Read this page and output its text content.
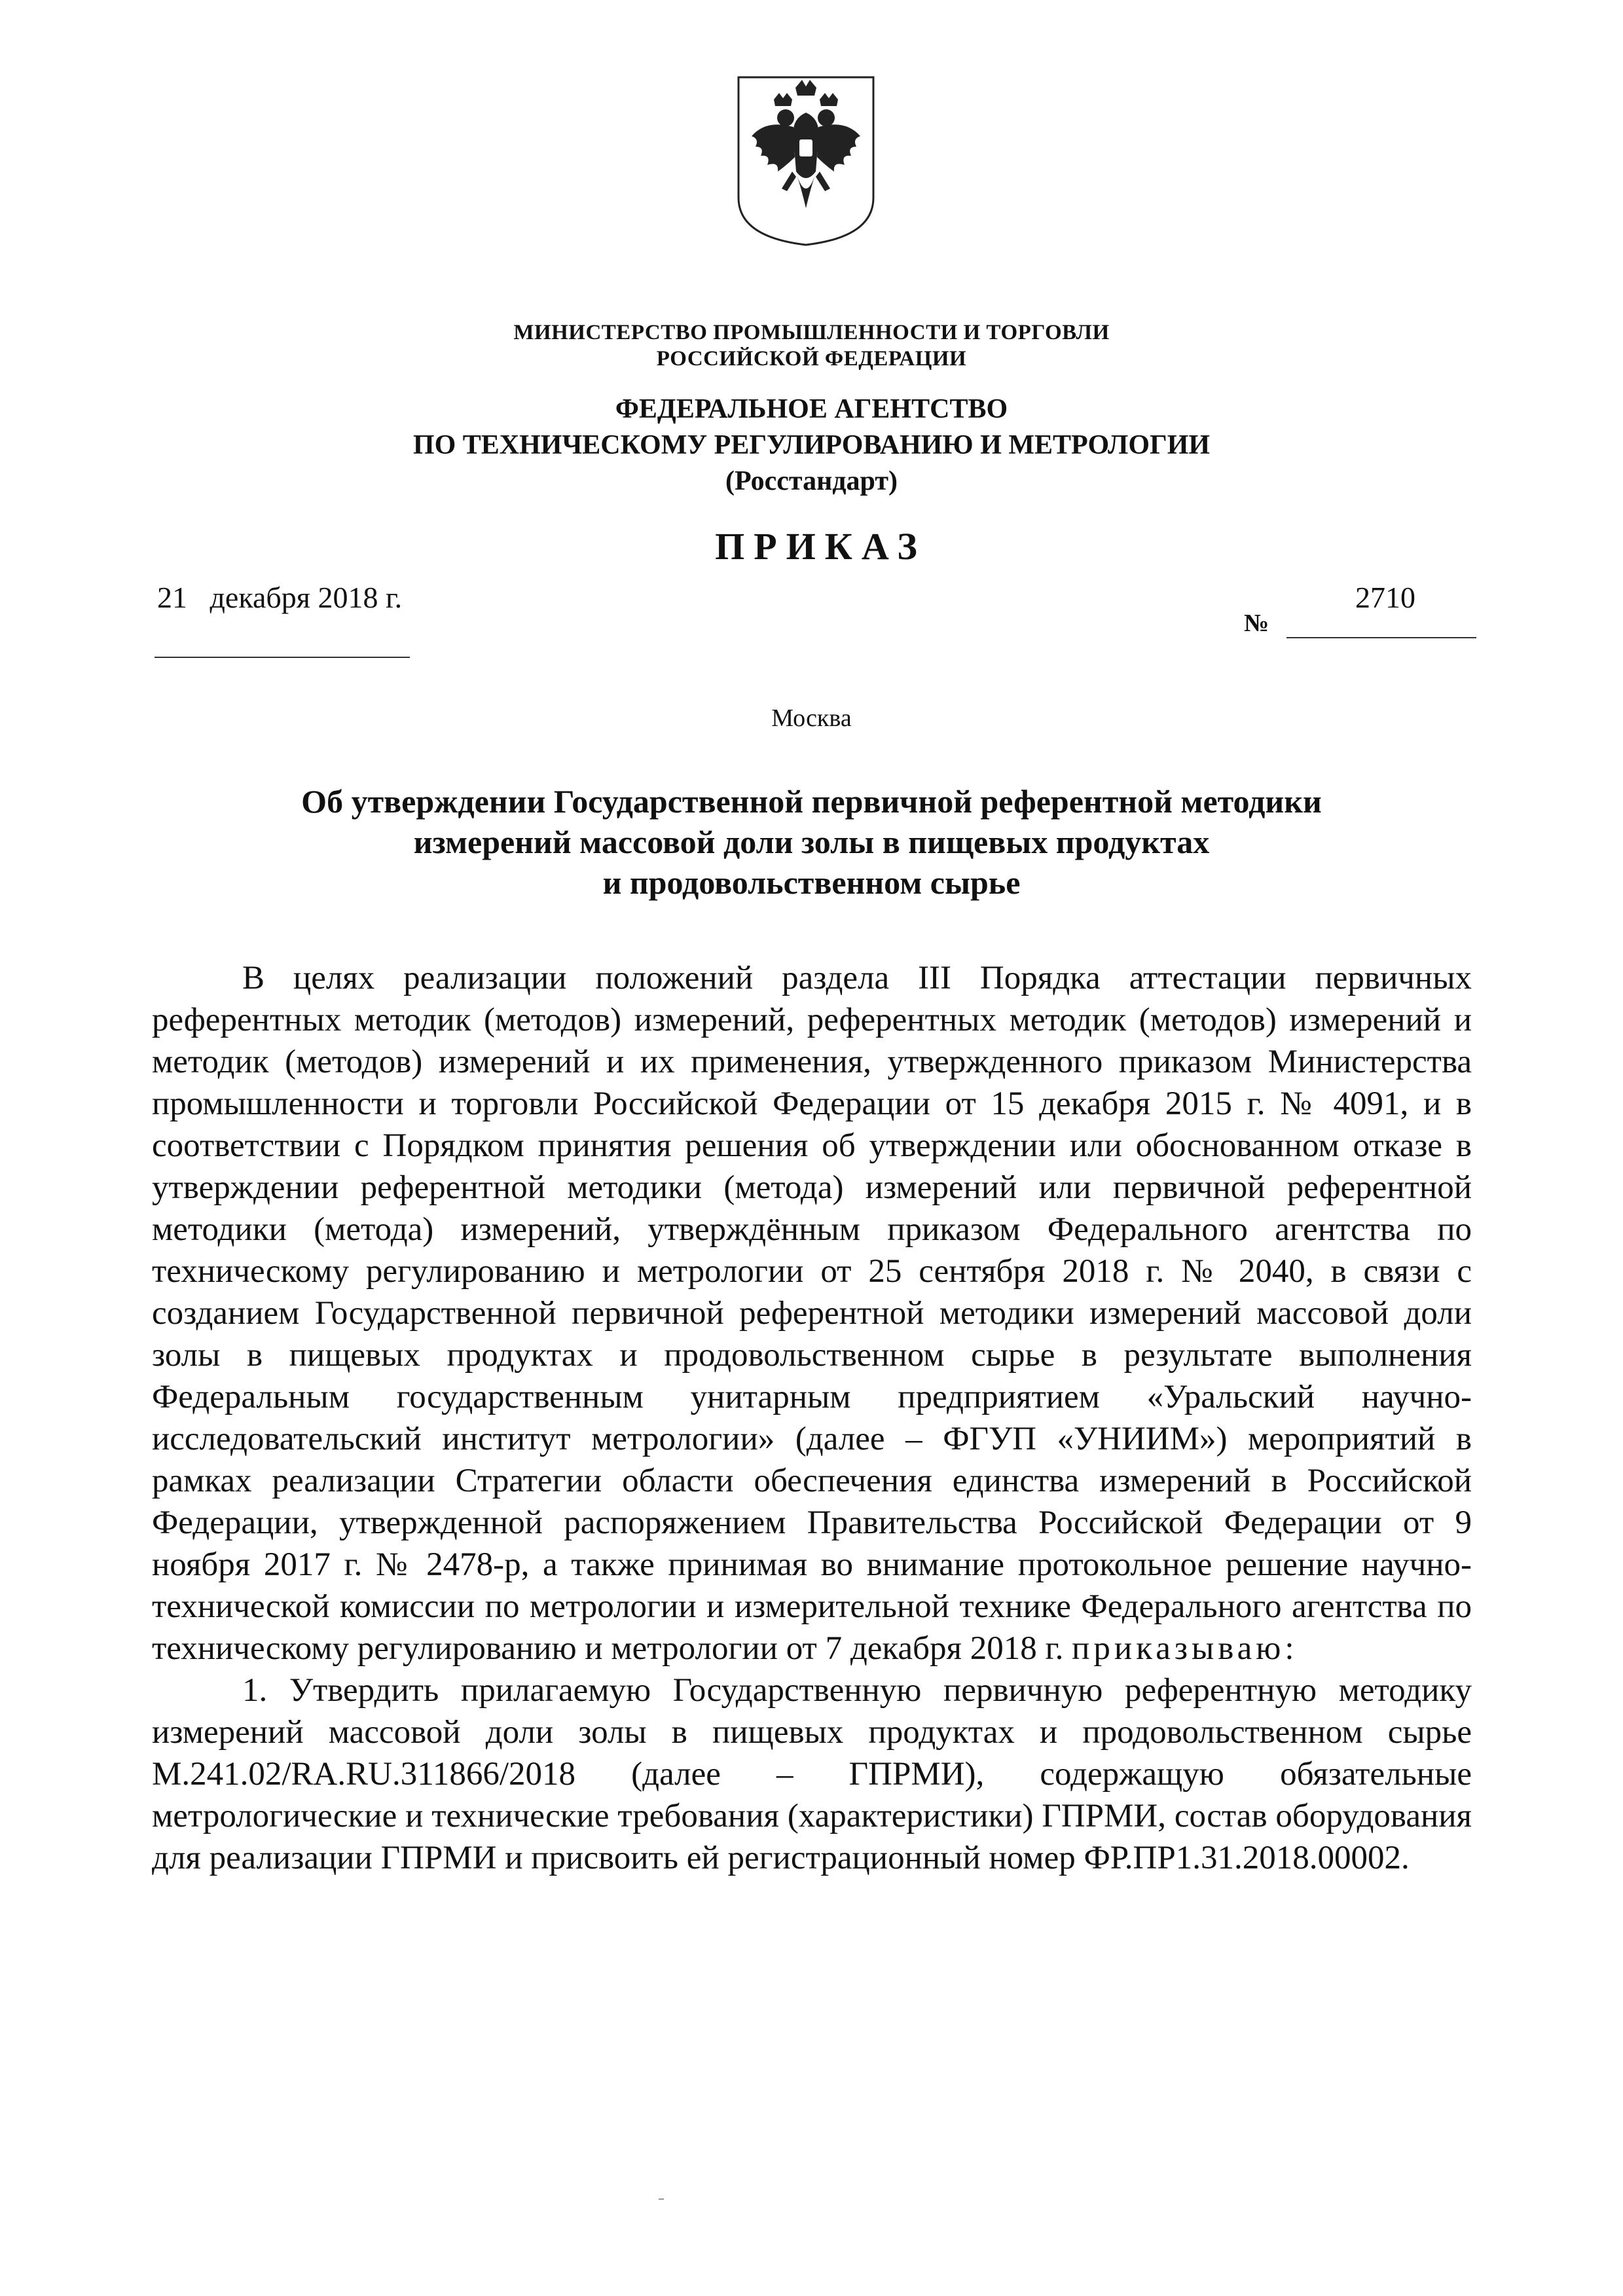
МИНИСТЕРСТВО ПРОМЫШЛЕННОСТИ И ТОРГОВЛИ
РОССИЙСКОЙ ФЕДЕРАЦИИ
ФЕДЕРАЛЬНОЕ АГЕНТСТВО
ПО ТЕХНИЧЕСКОМУ РЕГУЛИРОВАНИЮ И МЕТРОЛОГИИ
(Росстандарт)
ПРИКАЗ
21   декабря 2018 г.
№
2710
Москва
Об утверждении Государственной первичной референтной методики
измерений массовой доли золы в пищевых продуктах
и продовольственном сырье

В целях реализации положений раздела III Порядка аттестации первичных референтных методик (методов) измерений, референтных методик (методов) измерений и методик (методов) измерений и их применения, утвержденного приказом Министерства промышленности и торговли Российской Федерации от 15 декабря 2015 г. № 4091, и в соответствии с Порядком принятия решения об утверждении или обоснованном отказе в утверждении референтной методики (метода) измерений или первичной референтной методики (метода) измерений, утверждённым приказом Федерального агентства по техническому регулированию и метрологии от 25 сентября 2018 г. № 2040, в связи с созданием Государственной первичной референтной методики измерений массовой доли золы в пищевых продуктах и продовольственном сырье в результате выполнения Федеральным государственным унитарным предприятием «Уральский научно-исследовательский институт метрологии» (далее – ФГУП «УНИИМ») мероприятий в рамках реализации Стратегии области обеспечения единства измерений в Российской Федерации, утвержденной распоряжением Правительства Российской Федерации от 9 ноября 2017 г. № 2478-р, а также принимая во внимание протокольное решение научно-технической комиссии по метрологии и измерительной технике Федерального агентства по техническому регулированию и метрологии от 7 декабря 2018 г. приказываю:

1. Утвердить прилагаемую Государственную первичную референтную методику измерений массовой доли золы в пищевых продуктах и продовольственном сырье М.241.02/RA.RU.311866/2018 (далее – ГПРМИ), содержащую обязательные метрологические и технические требования (характеристики) ГПРМИ, состав оборудования для реализации ГПРМИ и присвоить ей регистрационный номер ФР.ПР1.31.2018.00002.
